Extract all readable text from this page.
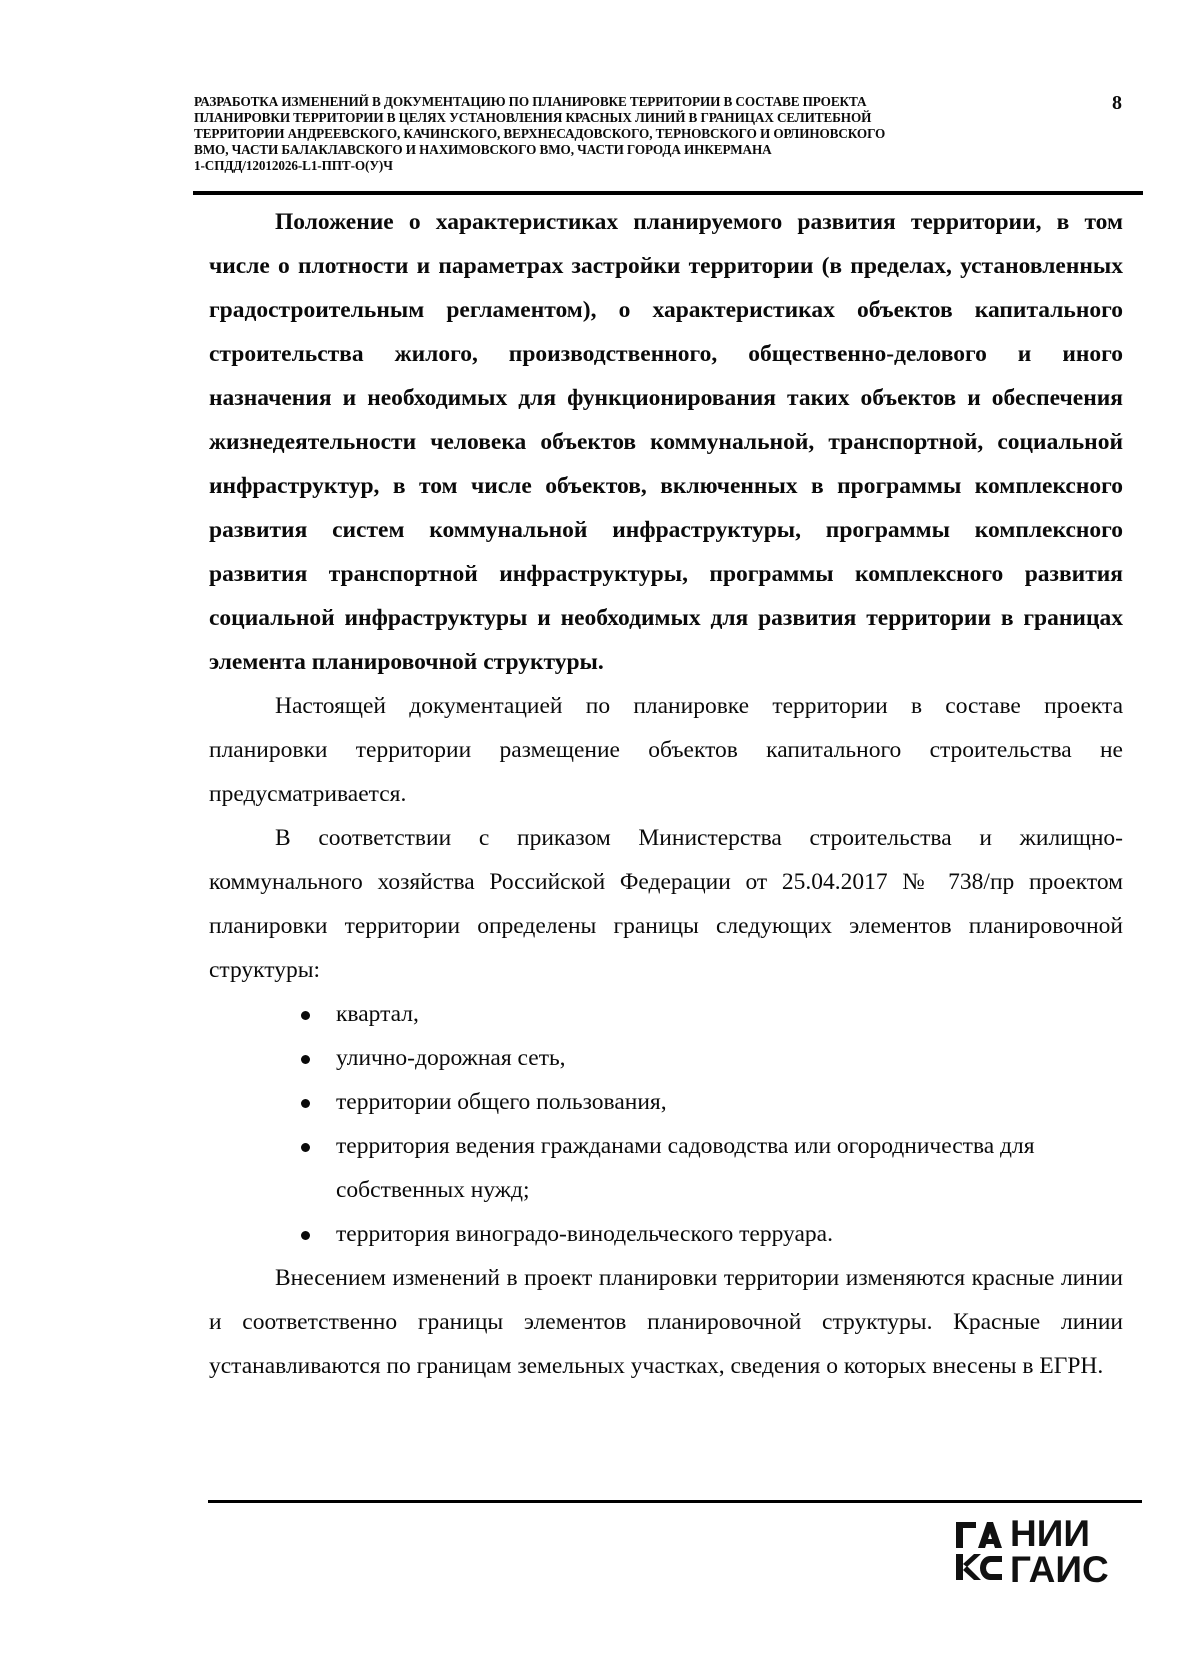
РАЗРАБОТКА ИЗМЕНЕНИЙ В ДОКУМЕНТАЦИЮ ПО ПЛАНИРОВКЕ ТЕРРИТОРИИ В СОСТАВЕ ПРОЕКТА
ПЛАНИРОВКИ ТЕРРИТОРИИ В ЦЕЛЯХ УСТАНОВЛЕНИЯ КРАСНЫХ ЛИНИЙ В ГРАНИЦАХ СЕЛИТЕБНОЙ
ТЕРРИТОРИИ АНДРЕЕВСКОГО, КАЧИНСКОГО, ВЕРХНЕСАДОВСКОГО, ТЕРНОВСКОГО И ОРЛИНОВСКОГО
ВМО, ЧАСТИ БАЛАКЛАВСКОГО И НАХИМОВСКОГО ВМО, ЧАСТИ ГОРОДА ИНКЕРМАНА
1-СПДД/12012026-L1-ППТ-О(У)Ч
8

Положение о характеристиках планируемого развития территории, в том числе о плотности и параметрах застройки территории (в пределах, установленных градостроительным регламентом), о характеристиках объектов капитального строительства жилого, производственного, общественно-делового и иного назначения и необходимых для функционирования таких объектов и обеспечения жизнедеятельности человека объектов коммунальной, транспортной, социальной инфраструктур, в том числе объектов, включенных в программы комплексного развития систем коммунальной инфраструктуры, программы комплексного развития транспортной инфраструктуры, программы комплексного развития социальной инфраструктуры и необходимых для развития территории в границах элемента планировочной структуры.

Настоящей документацией по планировке территории в составе проекта планировки территории размещение объектов капитального строительства не предусматривается.

В соответствии с приказом Министерства строительства и жилищно-коммунального хозяйства Российской Федерации от 25.04.2017 № 738/пр проектом планировки территории определены границы следующих элементов планировочной структуры:

квартал,
улично-дорожная сеть,
территории общего пользования,
территория ведения гражданами садоводства или огородничества для собственных нужд;
территория виноградо-винодельческого терруара.

Внесением изменений в проект планировки территории изменяются красные линии и соответственно границы элементов планировочной структуры. Красные линии устанавливаются по границам земельных участках, сведения о которых внесены в ЕГРН.

НИИ
ГАИС
